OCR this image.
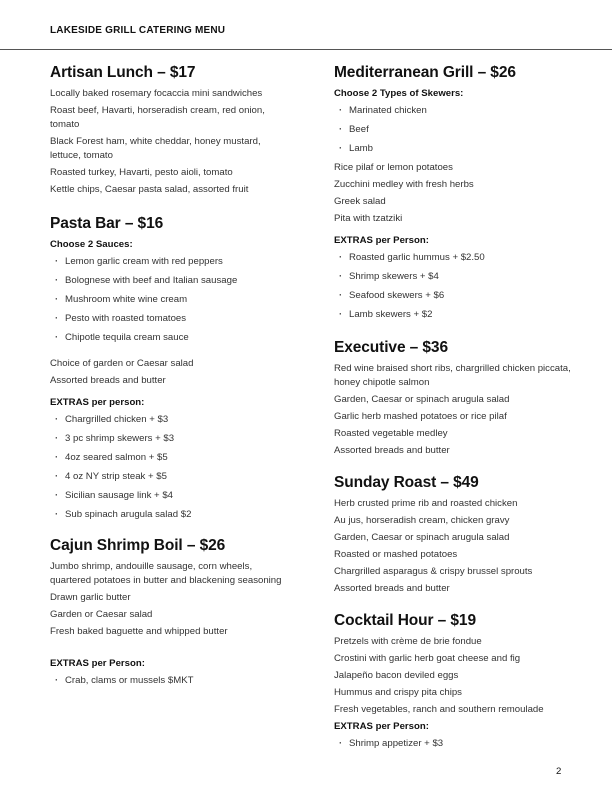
LAKESIDE GRILL CATERING MENU
Artisan Lunch – $17
Locally baked rosemary focaccia mini sandwiches
Roast beef, Havarti, horseradish cream, red onion, tomato
Black Forest ham, white cheddar, honey mustard, lettuce, tomato
Roasted turkey, Havarti, pesto aioli, tomato
Kettle chips, Caesar pasta salad, assorted fruit
Pasta Bar – $16
Choose 2 Sauces:
· Lemon garlic cream with red peppers
· Bolognese with beef and Italian sausage
· Mushroom white wine cream
· Pesto with roasted tomatoes
· Chipotle tequila cream sauce
Choice of garden or Caesar salad
Assorted breads and butter
EXTRAS per person:
· Chargrilled chicken + $3
· 3 pc shrimp skewers + $3
· 4oz seared salmon + $5
· 4 oz NY strip steak + $5
· Sicilian sausage link + $4
· Sub spinach arugula salad $2
Cajun Shrimp Boil – $26
Jumbo shrimp, andouille sausage, corn wheels, quartered potatoes in butter and blackening seasoning
Drawn garlic butter
Garden or Caesar salad
Fresh baked baguette and whipped butter
EXTRAS per Person:
· Crab, clams or mussels $MKT
Mediterranean Grill – $26
Choose 2 Types of Skewers:
· Marinated chicken
· Beef
· Lamb
Rice pilaf or lemon potatoes
Zucchini medley with fresh herbs
Greek salad
Pita with tzatziki
EXTRAS per Person:
· Roasted garlic hummus + $2.50
· Shrimp skewers + $4
· Seafood skewers + $6
· Lamb skewers + $2
Executive – $36
Red wine braised short ribs, chargrilled chicken piccata, honey chipotle salmon
Garden, Caesar or spinach arugula salad
Garlic herb mashed potatoes or rice pilaf
Roasted vegetable medley
Assorted breads and butter
Sunday Roast – $49
Herb crusted prime rib and roasted chicken
Au jus, horseradish cream, chicken gravy
Garden, Caesar or spinach arugula salad
Roasted or mashed potatoes
Chargrilled asparagus & crispy brussel sprouts
Assorted breads and butter
Cocktail Hour – $19
Pretzels with crème de brie fondue
Crostini with garlic herb goat cheese and fig
Jalapeño bacon deviled eggs
Hummus and crispy pita chips
Fresh vegetables, ranch and southern remoulade
EXTRAS per Person:
· Shrimp appetizer + $3
2
